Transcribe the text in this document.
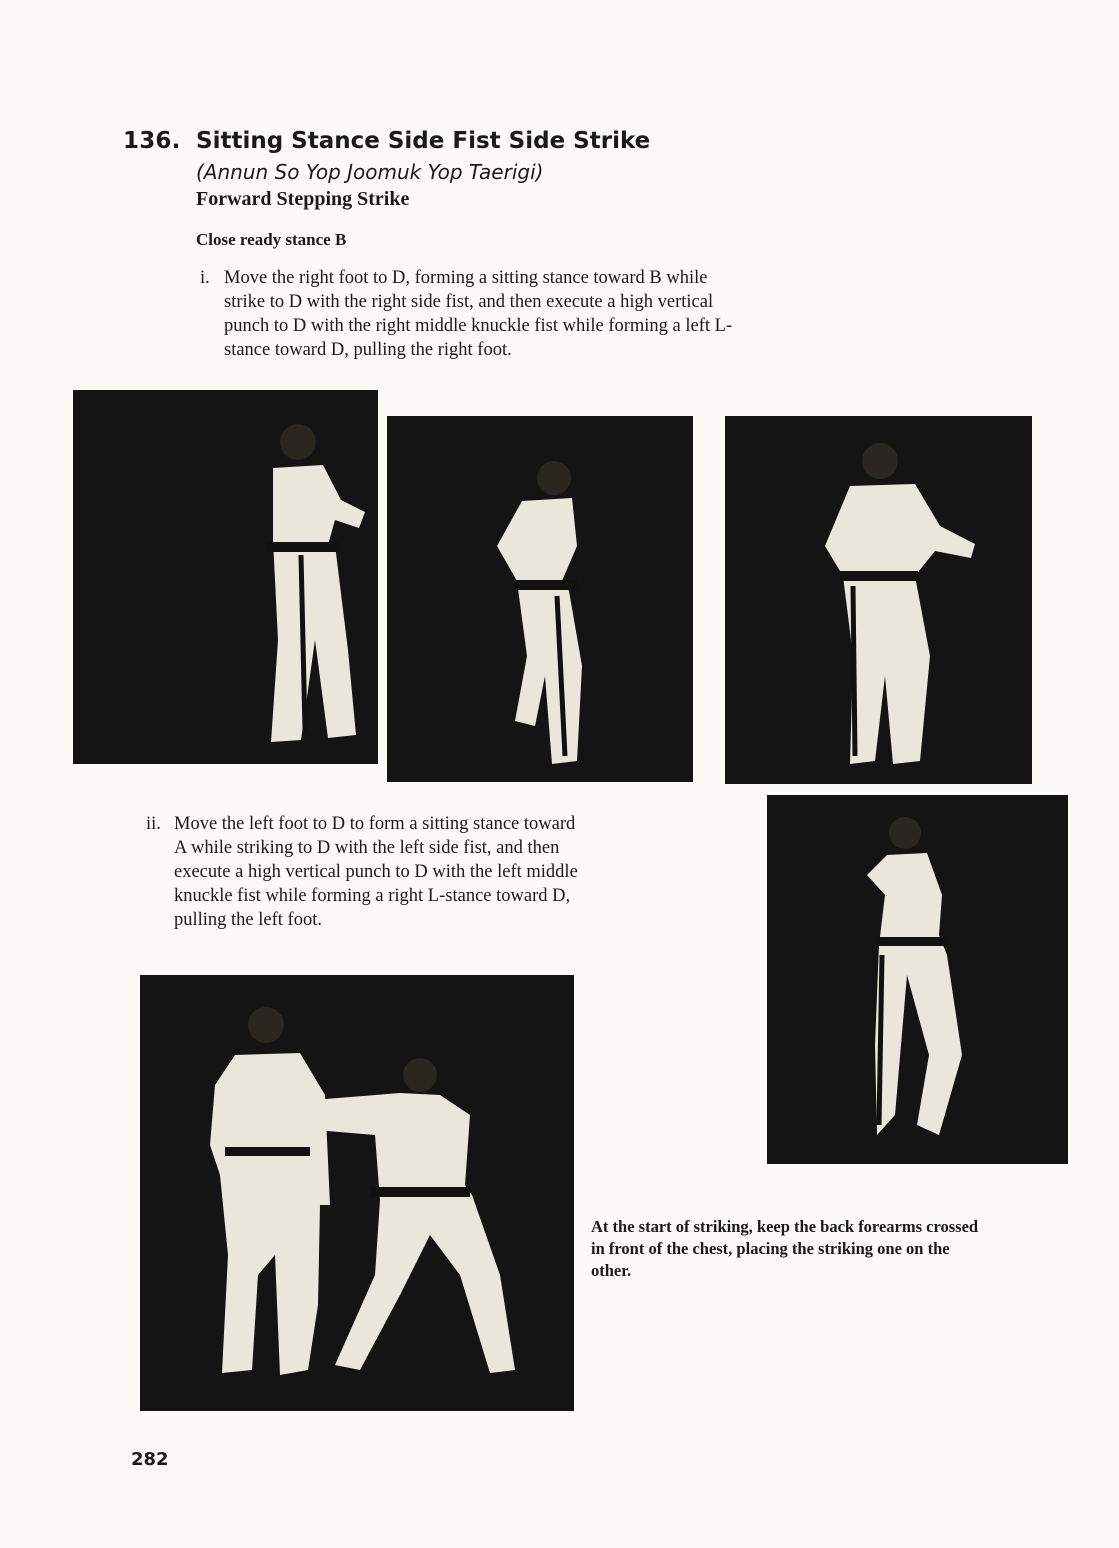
136. Sitting Stance Side Fist Side Strike
(Annun So Yop Joomuk Yop Taerigi)
Forward Stepping Strike
Close ready stance B
i. Move the right foot to D, forming a sitting stance toward B while
strike to D with the right side fist, and then execute a high vertical
punch to D with the right middle knuckle fist while forming a left L-
stance toward D, pulling the right foot.
ii. Move the left foot to D to form a sitting stance toward
A while striking to D with the left side fist, and then
execute a high vertical punch to D with the left middle
knuckle fist while forming a right L-stance toward D,
pulling the left foot.
At the start of striking, keep the back forearms crossed
in front of the chest, placing the striking one on the
other.
282
